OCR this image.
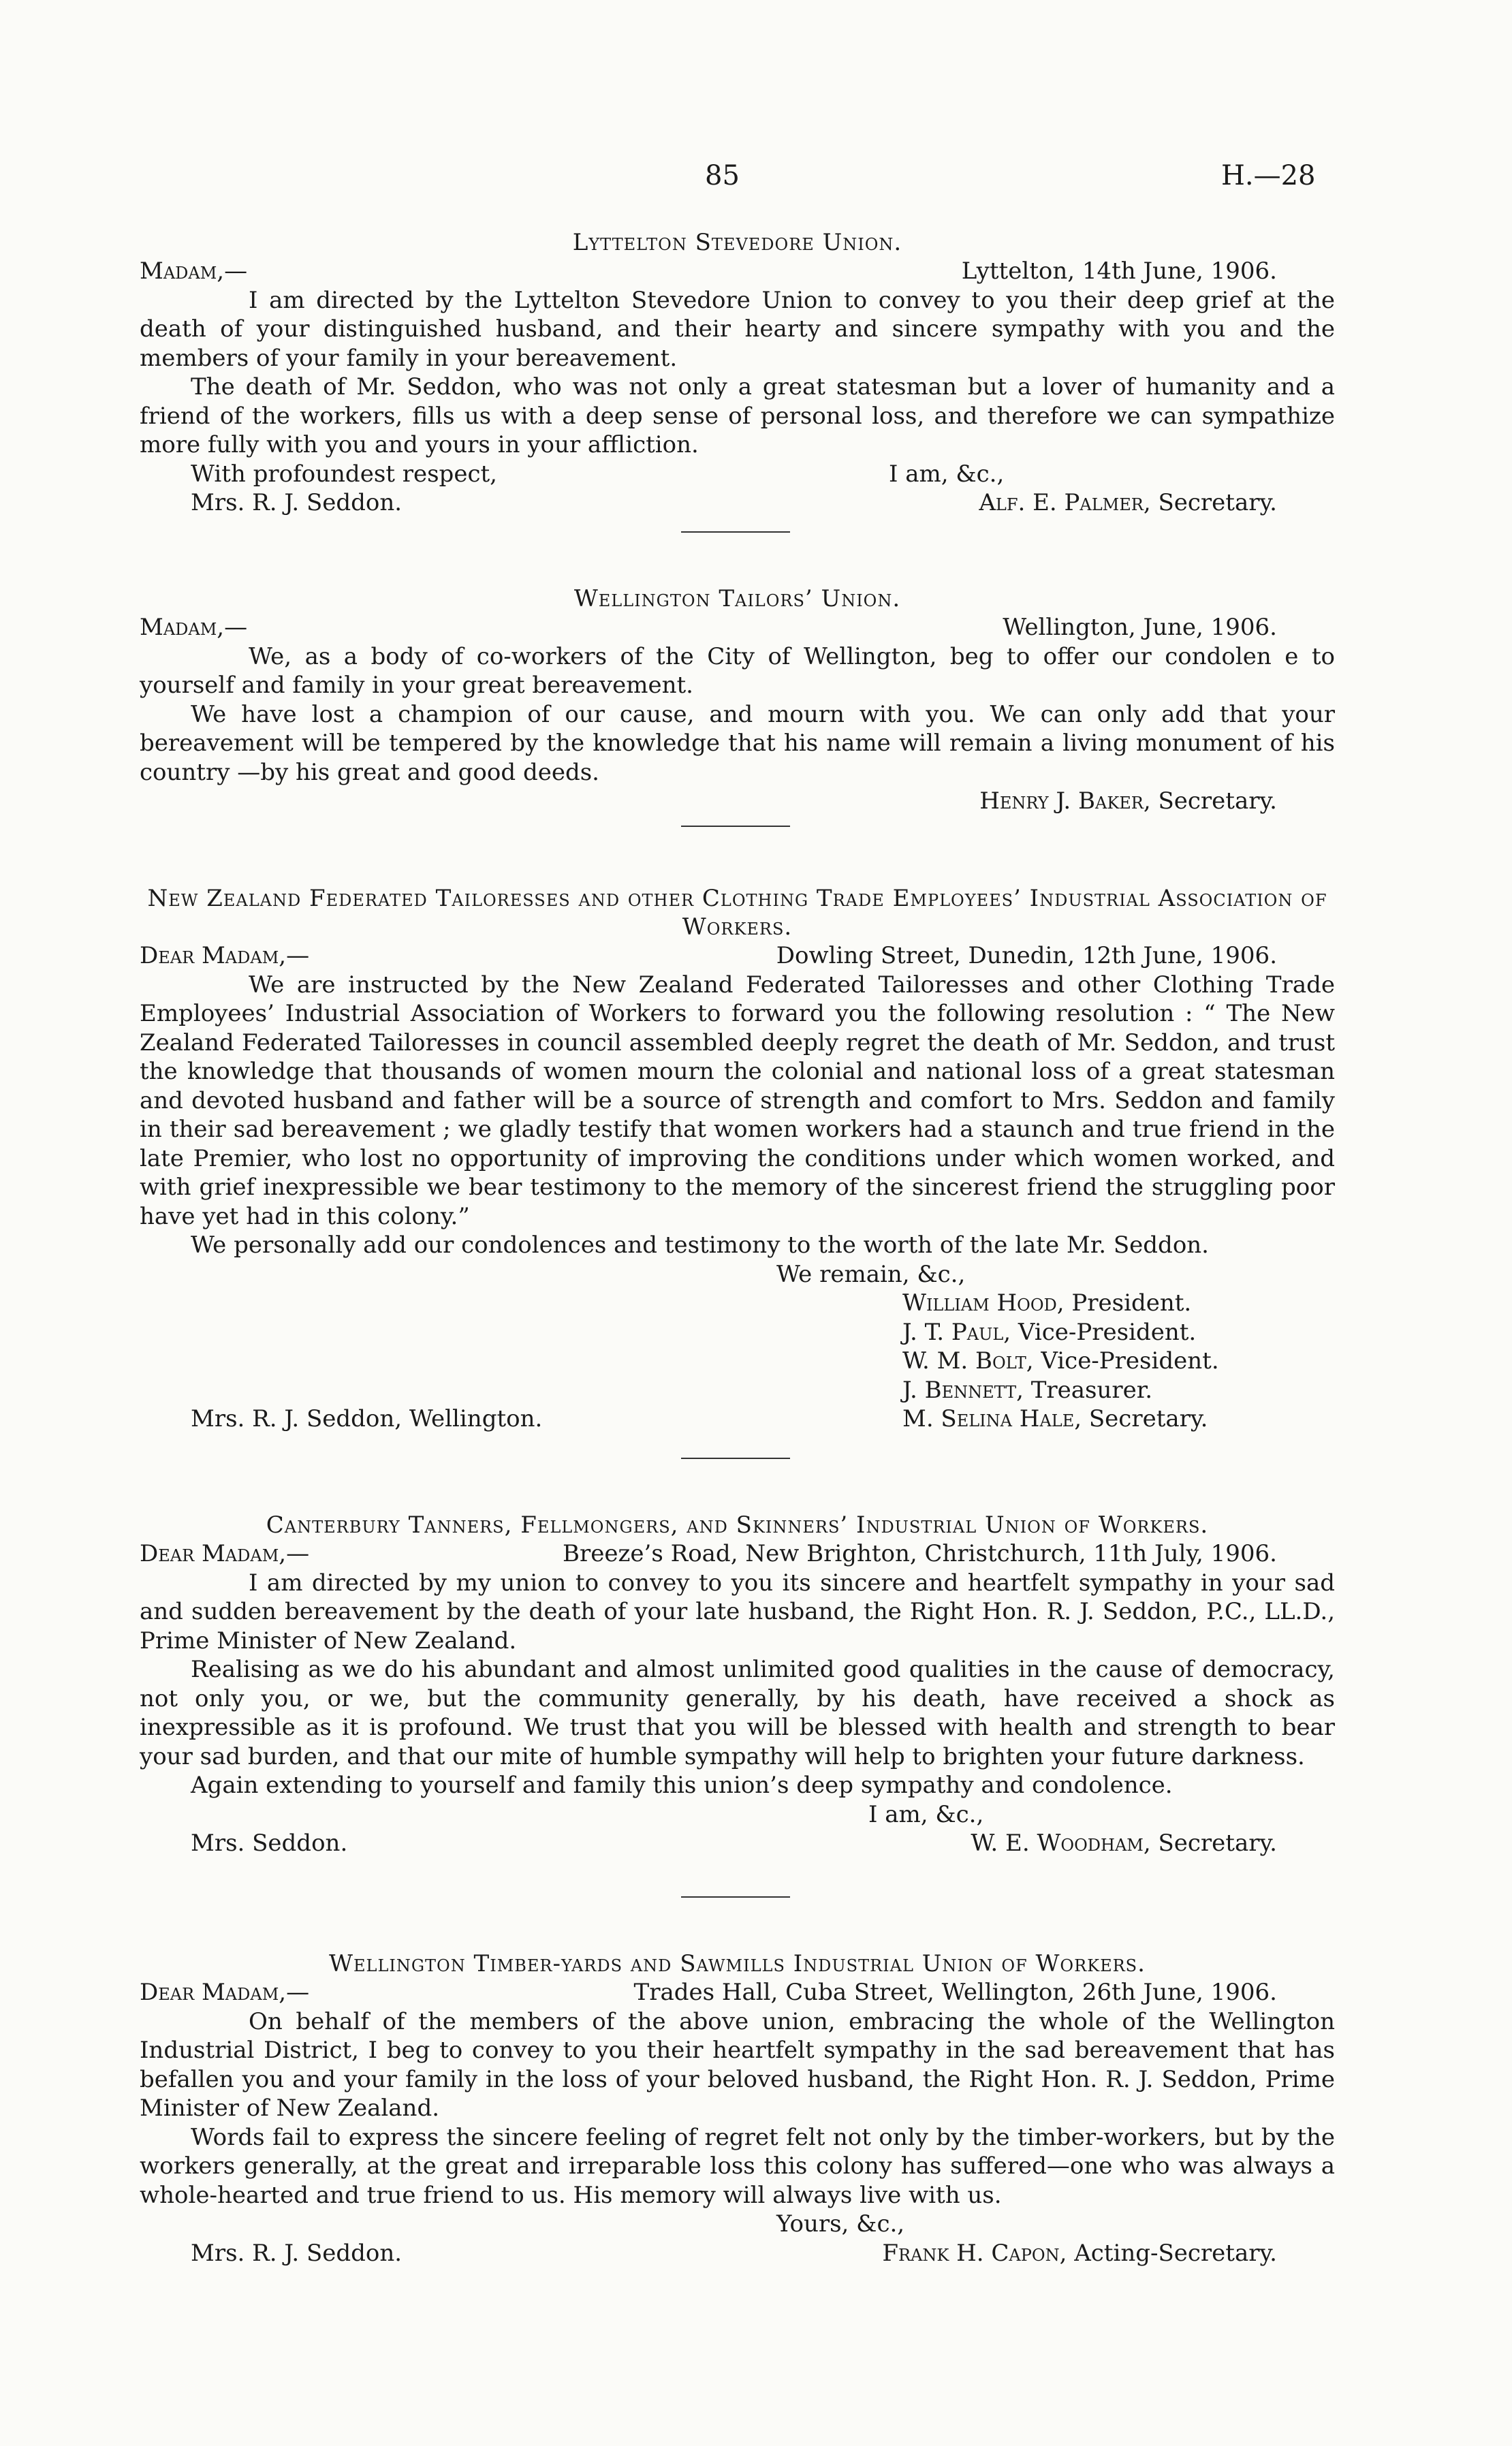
85	H.—28
Lyttelton Stevedore Union.
Madam,—	Lyttelton, 14th June, 1906.

I am directed by the Lyttelton Stevedore Union to convey to you their deep grief at the death of your distinguished husband, and their hearty and sincere sympathy with you and the members of your family in your bereavement.

The death of Mr. Seddon, who was not only a great statesman but a lover of humanity and a friend of the workers, fills us with a deep sense of personal loss, and therefore we can sympathize more fully with you and yours in your affliction.

With profoundest respect,	I am, &c.,
Mrs. R. J. Seddon.	Alf. E. Palmer, Secretary.
Wellington Tailors’ Union.
Madam,—	Wellington, June, 1906.

We, as a body of co-workers of the City of Wellington, beg to offer our condolen e to yourself and family in your great bereavement.

We have lost a champion of our cause, and mourn with you. We can only add that your bereavement will be tempered by the knowledge that his name will remain a living monument of his country —by his great and good deeds.

Henry J. Baker, Secretary.
New Zealand Federated Tailoresses and other Clothing Trade Employees’ Industrial Association of Workers.
Dear Madam,—	Dowling Street, Dunedin, 12th June, 1906.

We are instructed by the New Zealand Federated Tailoresses and other Clothing Trade Employees’ Industrial Association of Workers to forward you the following resolution : “ The New Zealand Federated Tailoresses in council assembled deeply regret the death of Mr. Seddon, and trust the knowledge that thousands of women mourn the colonial and national loss of a great statesman and devoted husband and father will be a source of strength and comfort to Mrs. Seddon and family in their sad bereavement ; we gladly testify that women workers had a staunch and true friend in the late Premier, who lost no opportunity of improving the conditions under which women worked, and with grief inexpressible we bear testimony to the memory of the sincerest friend the struggling poor have yet had in this colony.”

We personally add our condolences and testimony to the worth of the late Mr. Seddon.

We remain, &c.,
William Hood, President.
J. T. Paul, Vice-President.
W. M. Bolt, Vice-President.
J. Bennett, Treasurer.
Mrs. R. J. Seddon, Wellington.	M. Selina Hale, Secretary.
Canterbury Tanners, Fellmongers, and Skinners’ Industrial Union of Workers.
Dear Madam,—	Breeze’s Road, New Brighton, Christchurch, 11th July, 1906.

I am directed by my union to convey to you its sincere and heartfelt sympathy in your sad and sudden bereavement by the death of your late husband, the Right Hon. R. J. Seddon, P.C., LL.D., Prime Minister of New Zealand.

Realising as we do his abundant and almost unlimited good qualities in the cause of democracy, not only you, or we, but the community generally, by his death, have received a shock as inexpressible as it is profound. We trust that you will be blessed with health and strength to bear your sad burden, and that our mite of humble sympathy will help to brighten your future darkness.

Again extending to yourself and family this union’s deep sympathy and condolence.

I am, &c.,
Mrs. Seddon.	W. E. Woodham, Secretary.
Wellington Timber-yards and Sawmills Industrial Union of Workers.
Dear Madam,—	Trades Hall, Cuba Street, Wellington, 26th June, 1906.

On behalf of the members of the above union, embracing the whole of the Wellington Industrial District, I beg to convey to you their heartfelt sympathy in the sad bereavement that has befallen you and your family in the loss of your beloved husband, the Right Hon. R. J. Seddon, Prime Minister of New Zealand.

Words fail to express the sincere feeling of regret felt not only by the timber-workers, but by the workers generally, at the great and irreparable loss this colony has suffered—one who was always a whole-hearted and true friend to us. His memory will always live with us.

Yours, &c.,
Mrs. R. J. Seddon.	Frank H. Capon, Acting-Secretary.
